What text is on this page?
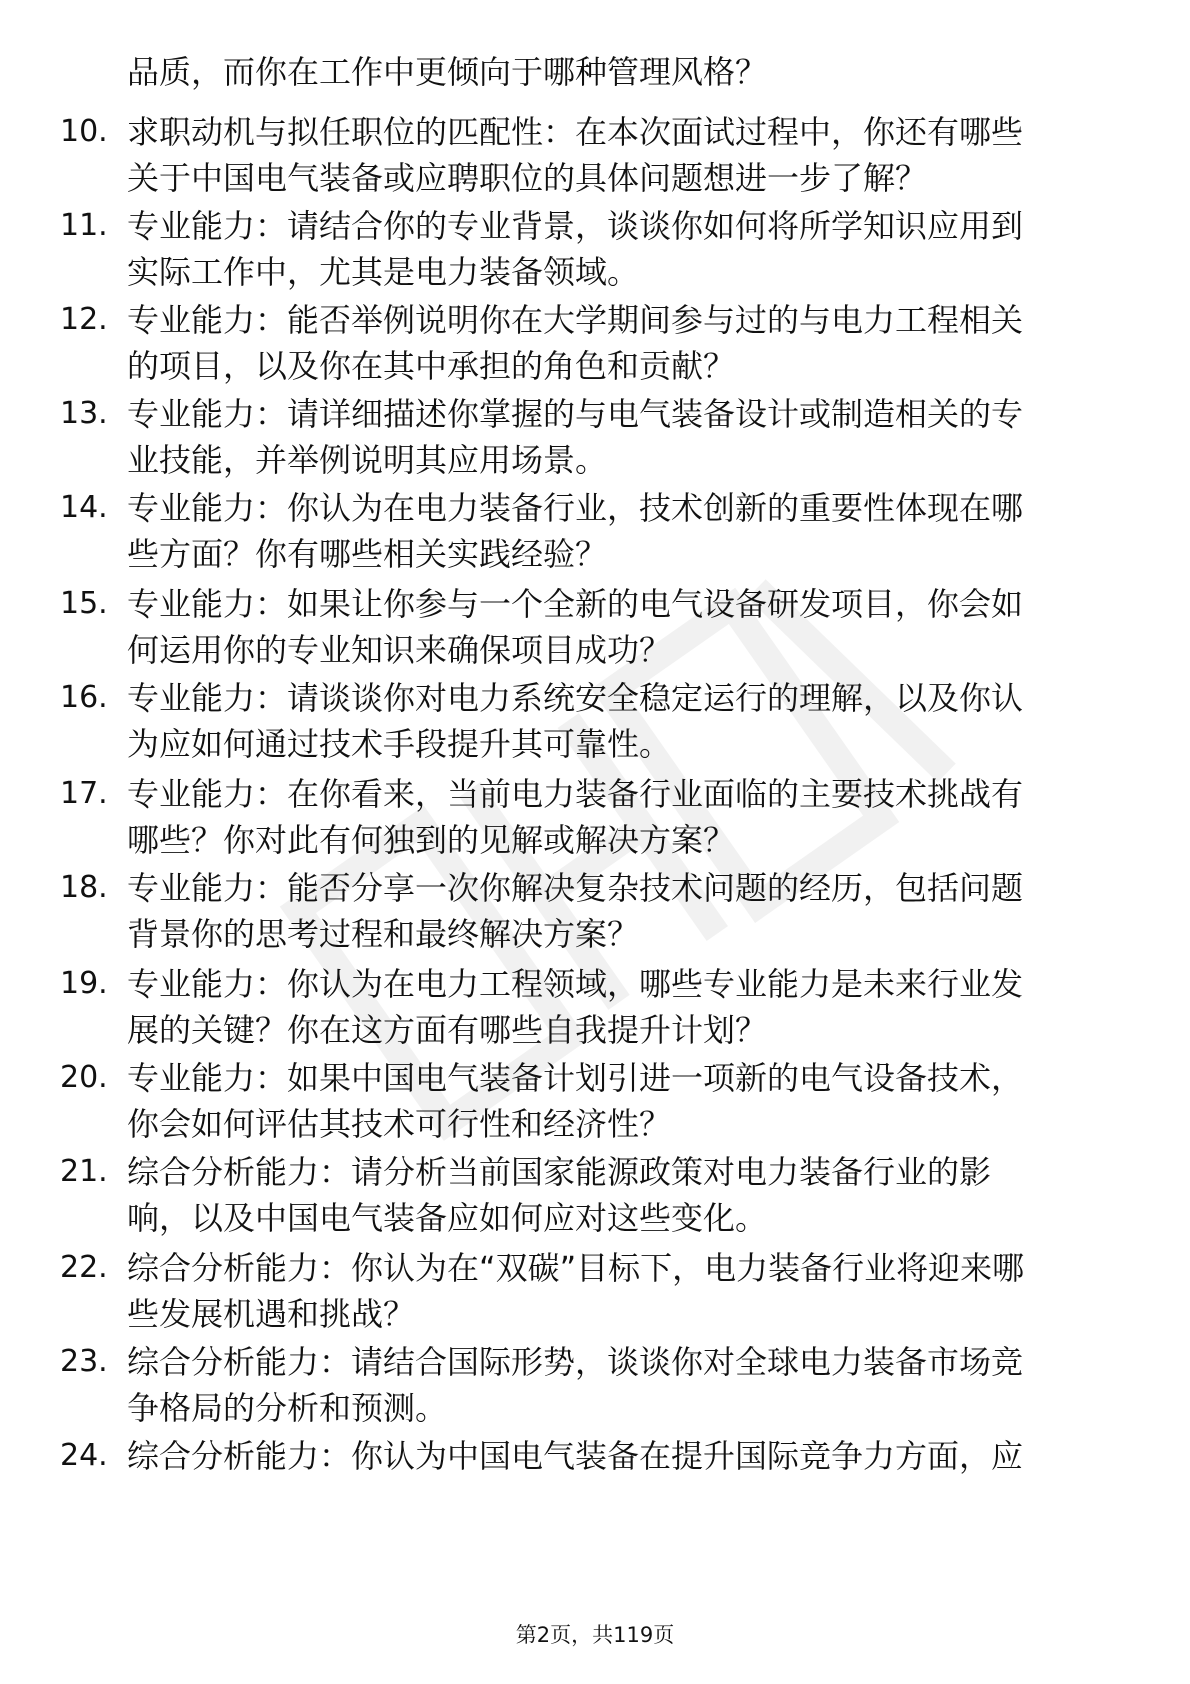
品质，而你在工作中更倾向于哪种管理风格？
10. 求职动机与拟任职位的匹配性：在本次面试过程中，你还有哪些
关于中国电气装备或应聘职位的具体问题想进一步了解？
11. 专业能力：请结合你的专业背景，谈谈你如何将所学知识应用到
实际工作中，尤其是电力装备领域。
12. 专业能力：能否举例说明你在大学期间参与过的与电力工程相关
的项目，以及你在其中承担的角色和贡献？
13. 专业能力：请详细描述你掌握的与电气装备设计或制造相关的专
业技能，并举例说明其应用场景。
14. 专业能力：你认为在电力装备行业，技术创新的重要性体现在哪
些方面？你有哪些相关实践经验？
15. 专业能力：如果让你参与一个全新的电气设备研发项目，你会如
何运用你的专业知识来确保项目成功？
16. 专业能力：请谈谈你对电力系统安全稳定运行的理解，以及你认
为应如何通过技术手段提升其可靠性。
17. 专业能力：在你看来，当前电力装备行业面临的主要技术挑战有
哪些？你对此有何独到的见解或解决方案？
18. 专业能力：能否分享一次你解决复杂技术问题的经历，包括问题
背景你的思考过程和最终解决方案？
19. 专业能力：你认为在电力工程领域，哪些专业能力是未来行业发
展的关键？你在这方面有哪些自我提升计划？
20. 专业能力：如果中国电气装备计划引进一项新的电气设备技术，
你会如何评估其技术可行性和经济性？
21. 综合分析能力：请分析当前国家能源政策对电力装备行业的影
响，以及中国电气装备应如何应对这些变化。
22. 综合分析能力：你认为在“双碳”目标下，电力装备行业将迎来哪
些发展机遇和挑战？
23. 综合分析能力：请结合国际形势，谈谈你对全球电力装备市场竞
争格局的分析和预测。
24. 综合分析能力：你认为中国电气装备在提升国际竞争力方面，应
第2页，共119页
